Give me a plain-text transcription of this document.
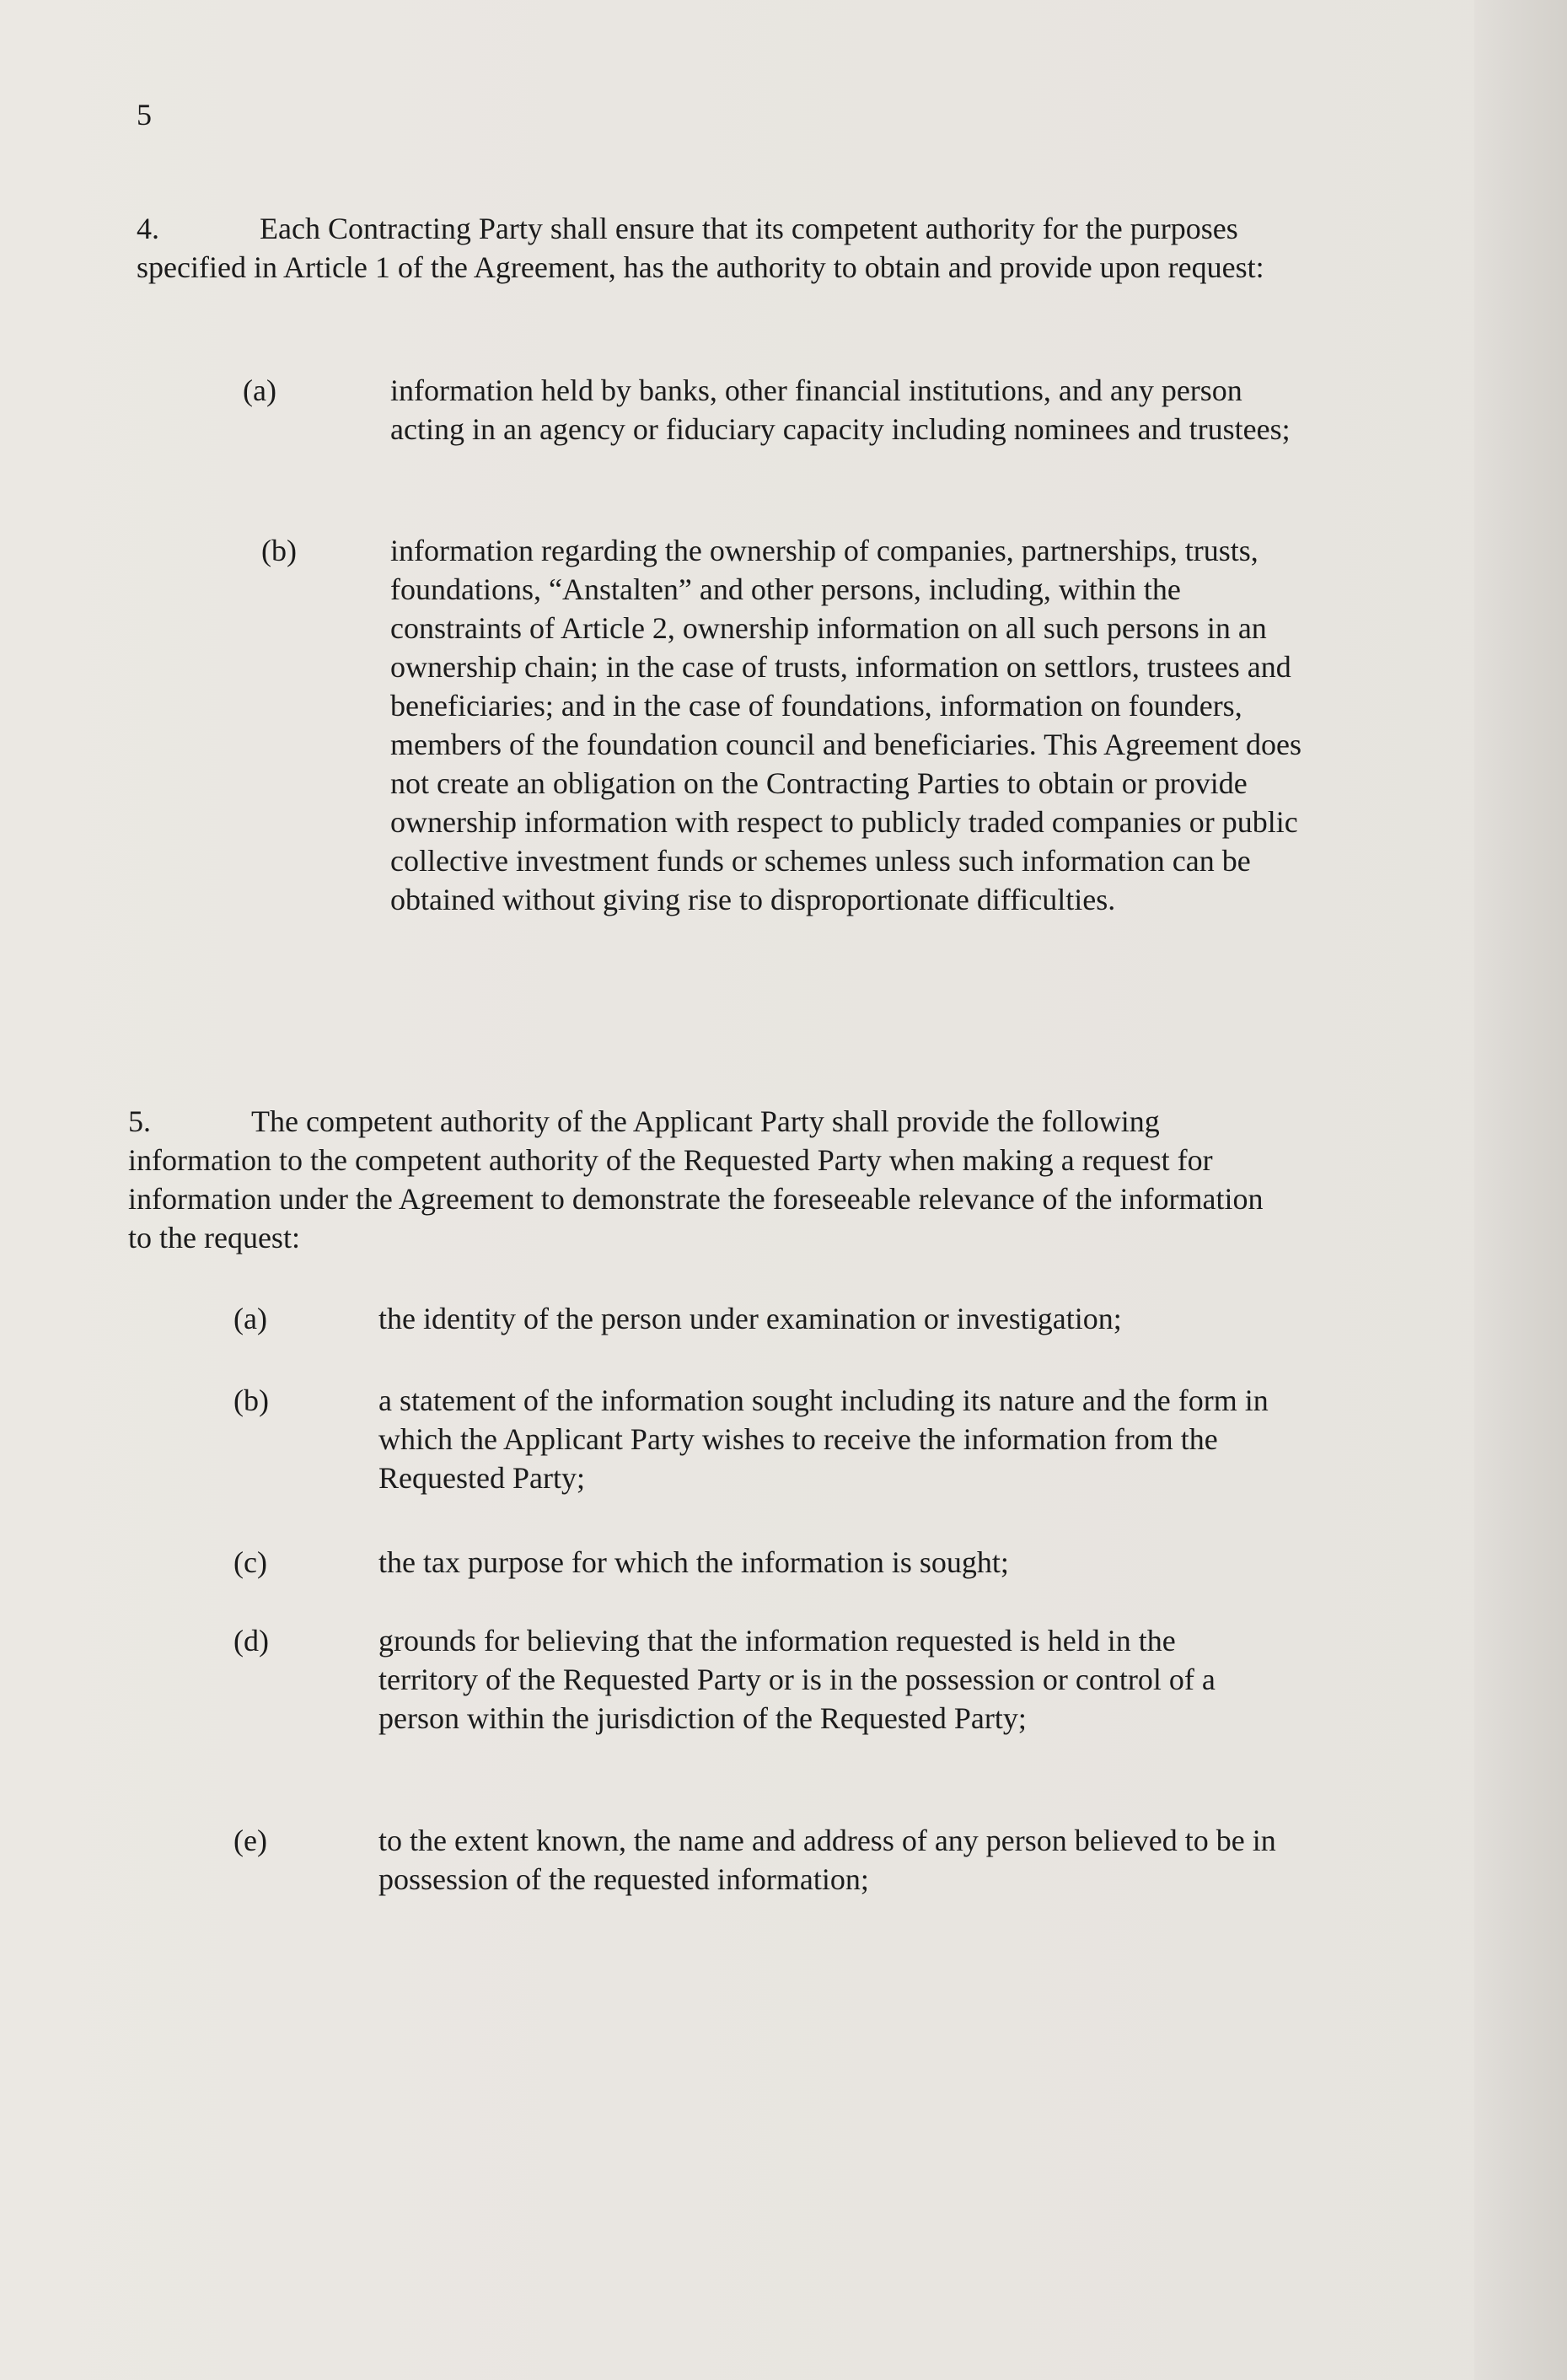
5

4.	Each Contracting Party shall ensure that its competent authority for the purposes specified in Article 1 of the Agreement, has the authority to obtain and provide upon request:

(a)	information held by banks, other financial institutions, and any person acting in an agency or fiduciary capacity including nominees and trustees;

(b)	information regarding the ownership of companies, partnerships, trusts, foundations, “Anstalten” and other persons, including, within the constraints of Article 2, ownership information on all such persons in an ownership chain; in the case of trusts, information on settlors, trustees and beneficiaries; and in the case of foundations, information on founders, members of the foundation council and beneficiaries. This Agreement does not create an obligation on the Contracting Parties to obtain or provide ownership information with respect to publicly traded companies or public collective investment funds or schemes unless such information can be obtained without giving rise to disproportionate difficulties.

5.	The competent authority of the Applicant Party shall provide the following information to the competent authority of the Requested Party when making a request for information under the Agreement to demonstrate the foreseeable relevance of the information to the request:

(a)	the identity of the person under examination or investigation;

(b)	a statement of the information sought including its nature and the form in which the Applicant Party wishes to receive the information from the Requested Party;

(c)	the tax purpose for which the information is sought;

(d)	grounds for believing that the information requested is held in the territory of the Requested Party or is in the possession or control of a person within the jurisdiction of the Requested Party;

(e)	to the extent known, the name and address of any person believed to be in possession of the requested information;
